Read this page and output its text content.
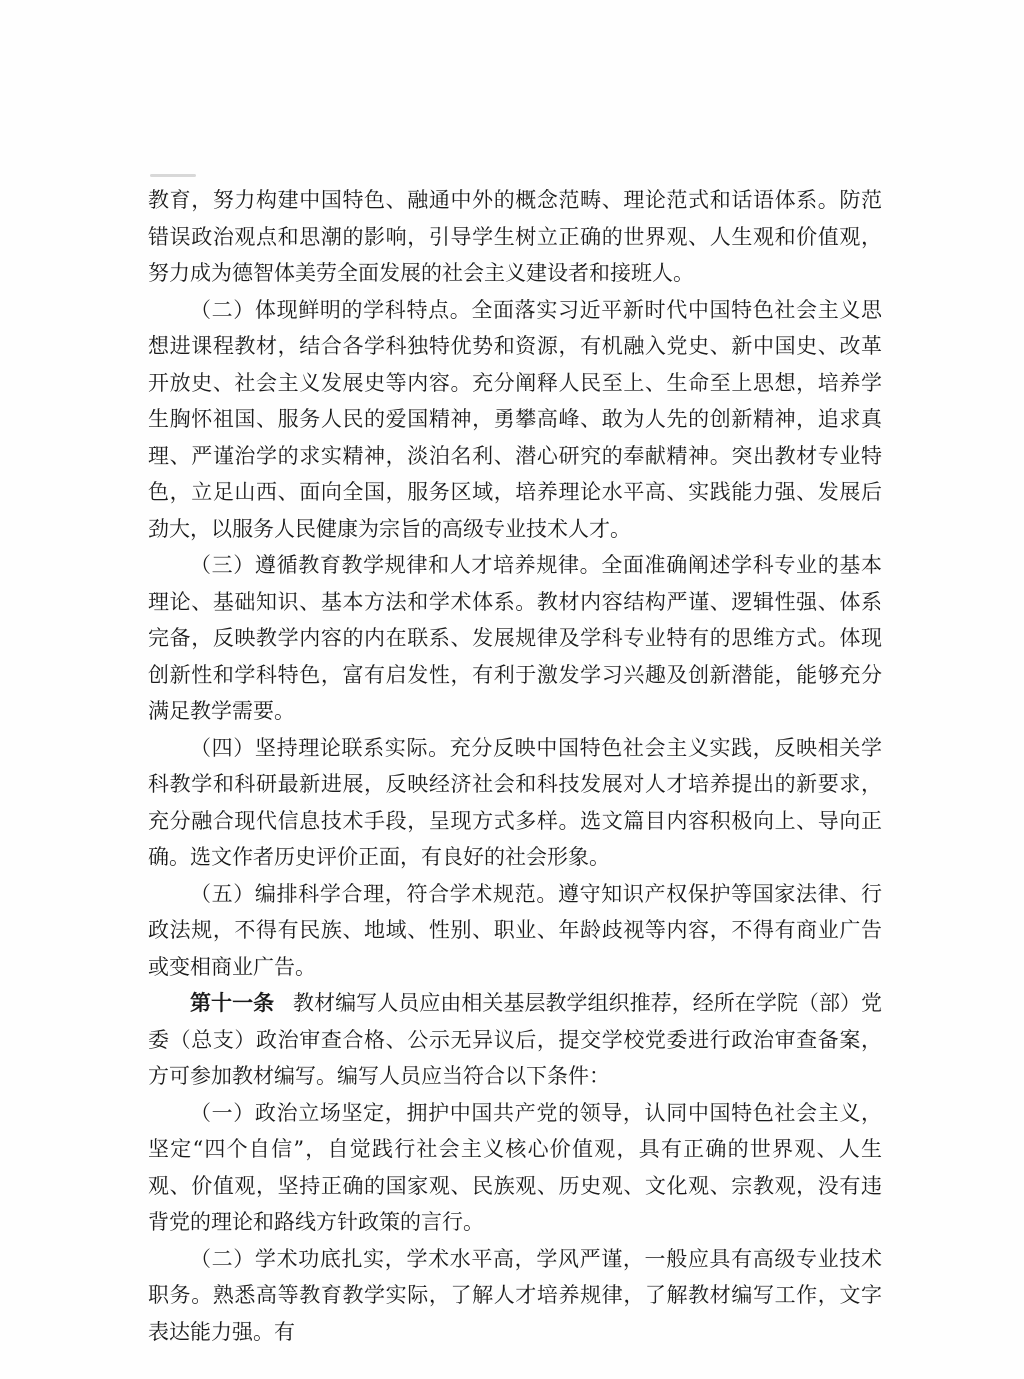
教育，努力构建中国特色、融通中外的概念范畴、理论范式和话语体系。防范错误政治观点和思潮的影响，引导学生树立正确的世界观、人生观和价值观，努力成为德智体美劳全面发展的社会主义建设者和接班人。

（二）体现鲜明的学科特点。全面落实习近平新时代中国特色社会主义思想进课程教材，结合各学科独特优势和资源，有机融入党史、新中国史、改革开放史、社会主义发展史等内容。充分阐释人民至上、生命至上思想，培养学生胸怀祖国、服务人民的爱国精神，勇攀高峰、敢为人先的创新精神，追求真理、严谨治学的求实精神，淡泊名利、潜心研究的奉献精神。突出教材专业特色，立足山西、面向全国，服务区域，培养理论水平高、实践能力强、发展后劲大，以服务人民健康为宗旨的高级专业技术人才。

（三）遵循教育教学规律和人才培养规律。全面准确阐述学科专业的基本理论、基础知识、基本方法和学术体系。教材内容结构严谨、逻辑性强、体系完备，反映教学内容的内在联系、发展规律及学科专业特有的思维方式。体现创新性和学科特色，富有启发性，有利于激发学习兴趣及创新潜能，能够充分满足教学需要。

（四）坚持理论联系实际。充分反映中国特色社会主义实践，反映相关学科教学和科研最新进展，反映经济社会和科技发展对人才培养提出的新要求，充分融合现代信息技术手段，呈现方式多样。选文篇目内容积极向上、导向正确。选文作者历史评价正面，有良好的社会形象。

（五）编排科学合理，符合学术规范。遵守知识产权保护等国家法律、行政法规，不得有民族、地域、性别、职业、年龄歧视等内容，不得有商业广告或变相商业广告。

第十一条 教材编写人员应由相关基层教学组织推荐，经所在学院（部）党委（总支）政治审查合格、公示无异议后，提交学校党委进行政治审查备案，方可参加教材编写。编写人员应当符合以下条件：

（一）政治立场坚定，拥护中国共产党的领导，认同中国特色社会主义，坚定“四个自信”，自觉践行社会主义核心价值观，具有正确的世界观、人生观、价值观，坚持正确的国家观、民族观、历史观、文化观、宗教观，没有违背党的理论和路线方针政策的言行。

（二）学术功底扎实，学术水平高，学风严谨，一般应具有高级专业技术职务。熟悉高等教育教学实际，了解人才培养规律，了解教材编写工作，文字表达能力强。有
